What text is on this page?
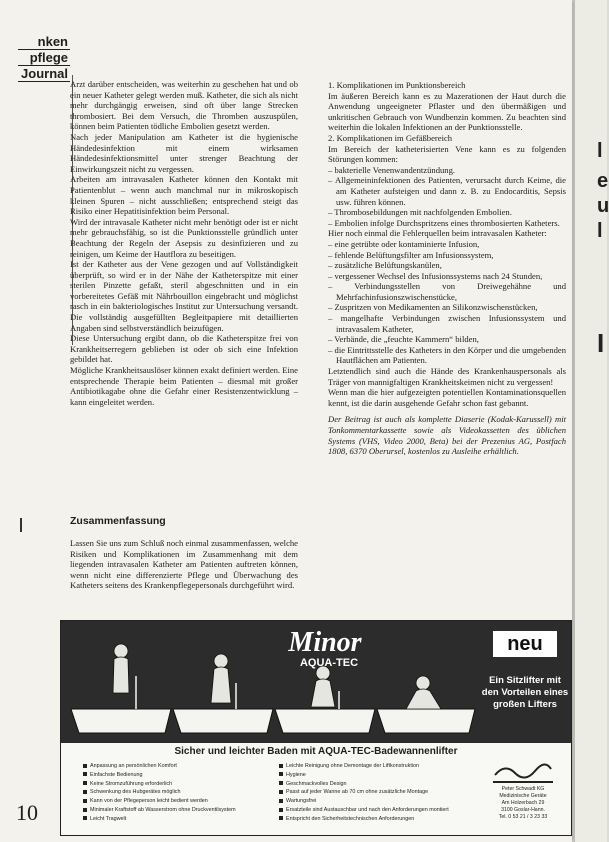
nken
pflege
Journal

Arzt darüber entscheiden, was weiterhin zu geschehen hat und ob ein neuer Katheter gelegt werden muß. Katheter, die sich als nicht mehr durchgängig erweisen, sind oft über lange Strecken thrombosiert. Bei dem Versuch, die Thromben auszuspülen, können beim Patienten tödliche Embolien gesetzt werden.

Nach jeder Manipulation am Katheter ist die hygienische Händedesinfektion mit einem wirksamen Händedesinfektionsmittel unter strenger Beachtung der Einwirkungszeit nicht zu vergessen.

Arbeiten am intravasalen Katheter können den Kontakt mit Patientenblut – wenn auch manchmal nur in mikroskopisch kleinen Spuren – nicht ausschließen; entsprechend steigt das Risiko einer Hepatitisinfektion beim Personal.

Wird der intravasale Katheter nicht mehr benötigt oder ist er nicht mehr gebrauchsfähig, so ist die Punktionsstelle gründlich unter Beachtung der Regeln der Asepsis zu desinfizieren und zu reinigen, um Keime der Hautflora zu beseitigen.

Ist der Katheter aus der Vene gezogen und auf Vollständigkeit überprüft, so wird er in der Nähe der Katheterspitze mit einer sterilen Pinzette gefaßt, steril abgeschnitten und in ein vorbereitetes Gefäß mit Nährbouillon eingebracht und möglichst rasch in ein bakteriologisches Institut zur Untersuchung versandt. Die vollständig ausgefüllten Begleitpapiere mit detaillierten Angaben sind selbstverständlich beizufügen.

Diese Untersuchung ergibt dann, ob die Katheterspitze frei von Krankheitserregern geblieben ist oder ob sich eine Infektion gebildet hat.

Mögliche Krankheitsauslöser können exakt definiert werden. Eine entsprechende Therapie beim Patienten – diesmal mit großer Antibiotikagabe ohne die Gefahr einer Resistenzentwicklung – kann eingeleitet werden.

Zusammenfassung

Lassen Sie uns zum Schluß noch einmal zusammenfassen, welche Risiken und Komplikationen im Zusammenhang mit dem liegenden intravasalen Katheter am Patienten auftreten können, wenn nicht eine differenzierte Pflege und Überwachung des Katheters seitens des Krankenpflegepersonals durchgeführt wird.

1. Komplikationen im Punktionsbereich

Im äußeren Bereich kann es zu Mazerationen der Haut durch die Anwendung ungeeigneter Pflaster und den übermäßigen und unkritischen Gebrauch von Wundbenzin kommen. Zu beachten sind weiterhin die lokalen Infektionen an der Punktionsstelle.

2. Komplikationen im Gefäßbereich

Im Bereich der katheterisierten Vene kann es zu folgenden Störungen kommen:

– bakterielle Venenwandentzündung.
– Allgemeininfektionen des Patienten, verursacht durch Keime, die am Katheter aufsteigen und dann z. B. zu Endocarditis, Sepsis usw. führen können.
– Thrombosebildungen mit nachfolgenden Embolien.
– Embolien infolge Durchspritzens eines thrombosierten Katheters.

Hier noch einmal die Fehlerquellen beim intravasalen Katheter:

– eine getrübte oder kontaminierte Infusion,
– fehlende Belüftungsfilter am Infusionssystem,
– zusätzliche Belüftungskanülen,
– vergessener Wechsel des Infusionssystems nach 24 Stunden,
– Verbindungsstellen von Dreiwegehähne und Mehrfachinfusionszwischenstücke,
– Zuspritzen von Medikamenten an Silikonzwischenstücken,
– mangelhafte Verbindungen zwischen Infusionssystem und intravasalem Katheter,
– Verbände, die „feuchte Kammern“ bilden,
– die Eintrittsstelle des Katheters in den Körper und die umgebenden Hautflächen am Patienten.

Letztendlich sind auch die Hände des Krankenhauspersonals als Träger von mannigfaltigen Krankheitskeimen nicht zu vergessen!

Wenn man die hier aufgezeigten potentiellen Kontaminationsquellen kennt, ist die darin ausgehende Gefahr schon fast gebannt.

Der Beitrag ist auch als komplette Diaserie (Kodak-Karussell) mit Tonkommentarkassette sowie als Videokassetten des üblichen Systems (VHS, Video 2000, Beta) bei der Prezenius AG, Postfach 1808, 6370 Oberursel, kostenlos zu Ausleihe erhältlich.

Minor
AQUA-TEC
neu
Ein Sitzlifter mit den Vorteilen eines großen Lifters
Sicher und leichter Baden mit AQUA-TEC-Badewannenlifter
Anpassung an persönlichen Komfort	Leichte Reinigung ohne Demontage der Liftkonstruktion
Einfachste Bedienung	Hygiene
Keine Stromzuführung erforderlich	Geschmackvolles Design
Schwenkung des Hubgerätes möglich	Passt auf jeder Wanne ab 70 cm ohne zusätzliche Montage
Kann von der Pflegeperson leicht bedient werden	Wartungsfrei
Minimaler Kraftstoff ab Wasserstrom ohne Druckventilsystem	Ersatzteile sind Austauschbar und nach den Anforderungen montiert
Leicht Tragwelt	Entspricht den Sicherheitstechnischen Anforderungen
Peter Schwadt KG
Medizinische Geräte
Am Holzerbach 29
3100 Goslar-Hann.
Tel. 0 53 21 / 3 23 33
10
l
e
u
l
I
